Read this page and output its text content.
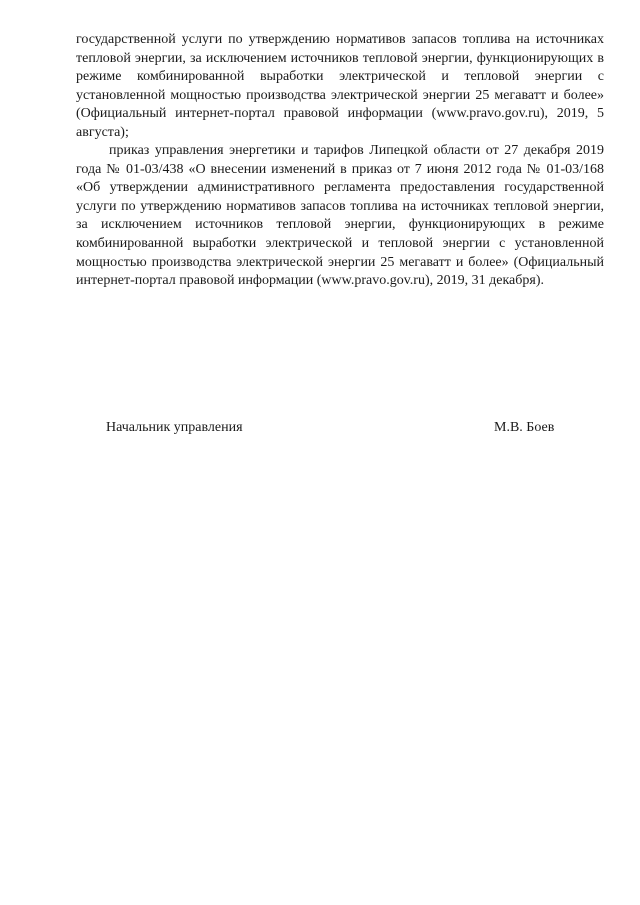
государственной услуги по утверждению нормативов запасов топлива на источниках тепловой энергии, за исключением источников тепловой энергии, функционирующих в режиме комбинированной выработки электрической и тепловой энергии с установленной мощностью производства электрической энергии 25 мегаватт и более» (Официальный интернет-портал правовой информации (www.pravo.gov.ru), 2019, 5 августа);

приказ управления энергетики и тарифов Липецкой области от 27 декабря 2019 года № 01-03/438 «О внесении изменений в приказ от 7 июня 2012 года № 01-03/168 «Об утверждении административного регламента предоставления государственной услуги по утверждению нормативов запасов топлива на источниках тепловой энергии, за исключением источников тепловой энергии, функционирующих в режиме комбинированной выработки электрической и тепловой энергии с установленной мощностью производства электрической энергии 25 мегаватт и более» (Официальный интернет-портал правовой информации (www.pravo.gov.ru), 2019, 31 декабря).

Начальник управления	М.В. Боев
